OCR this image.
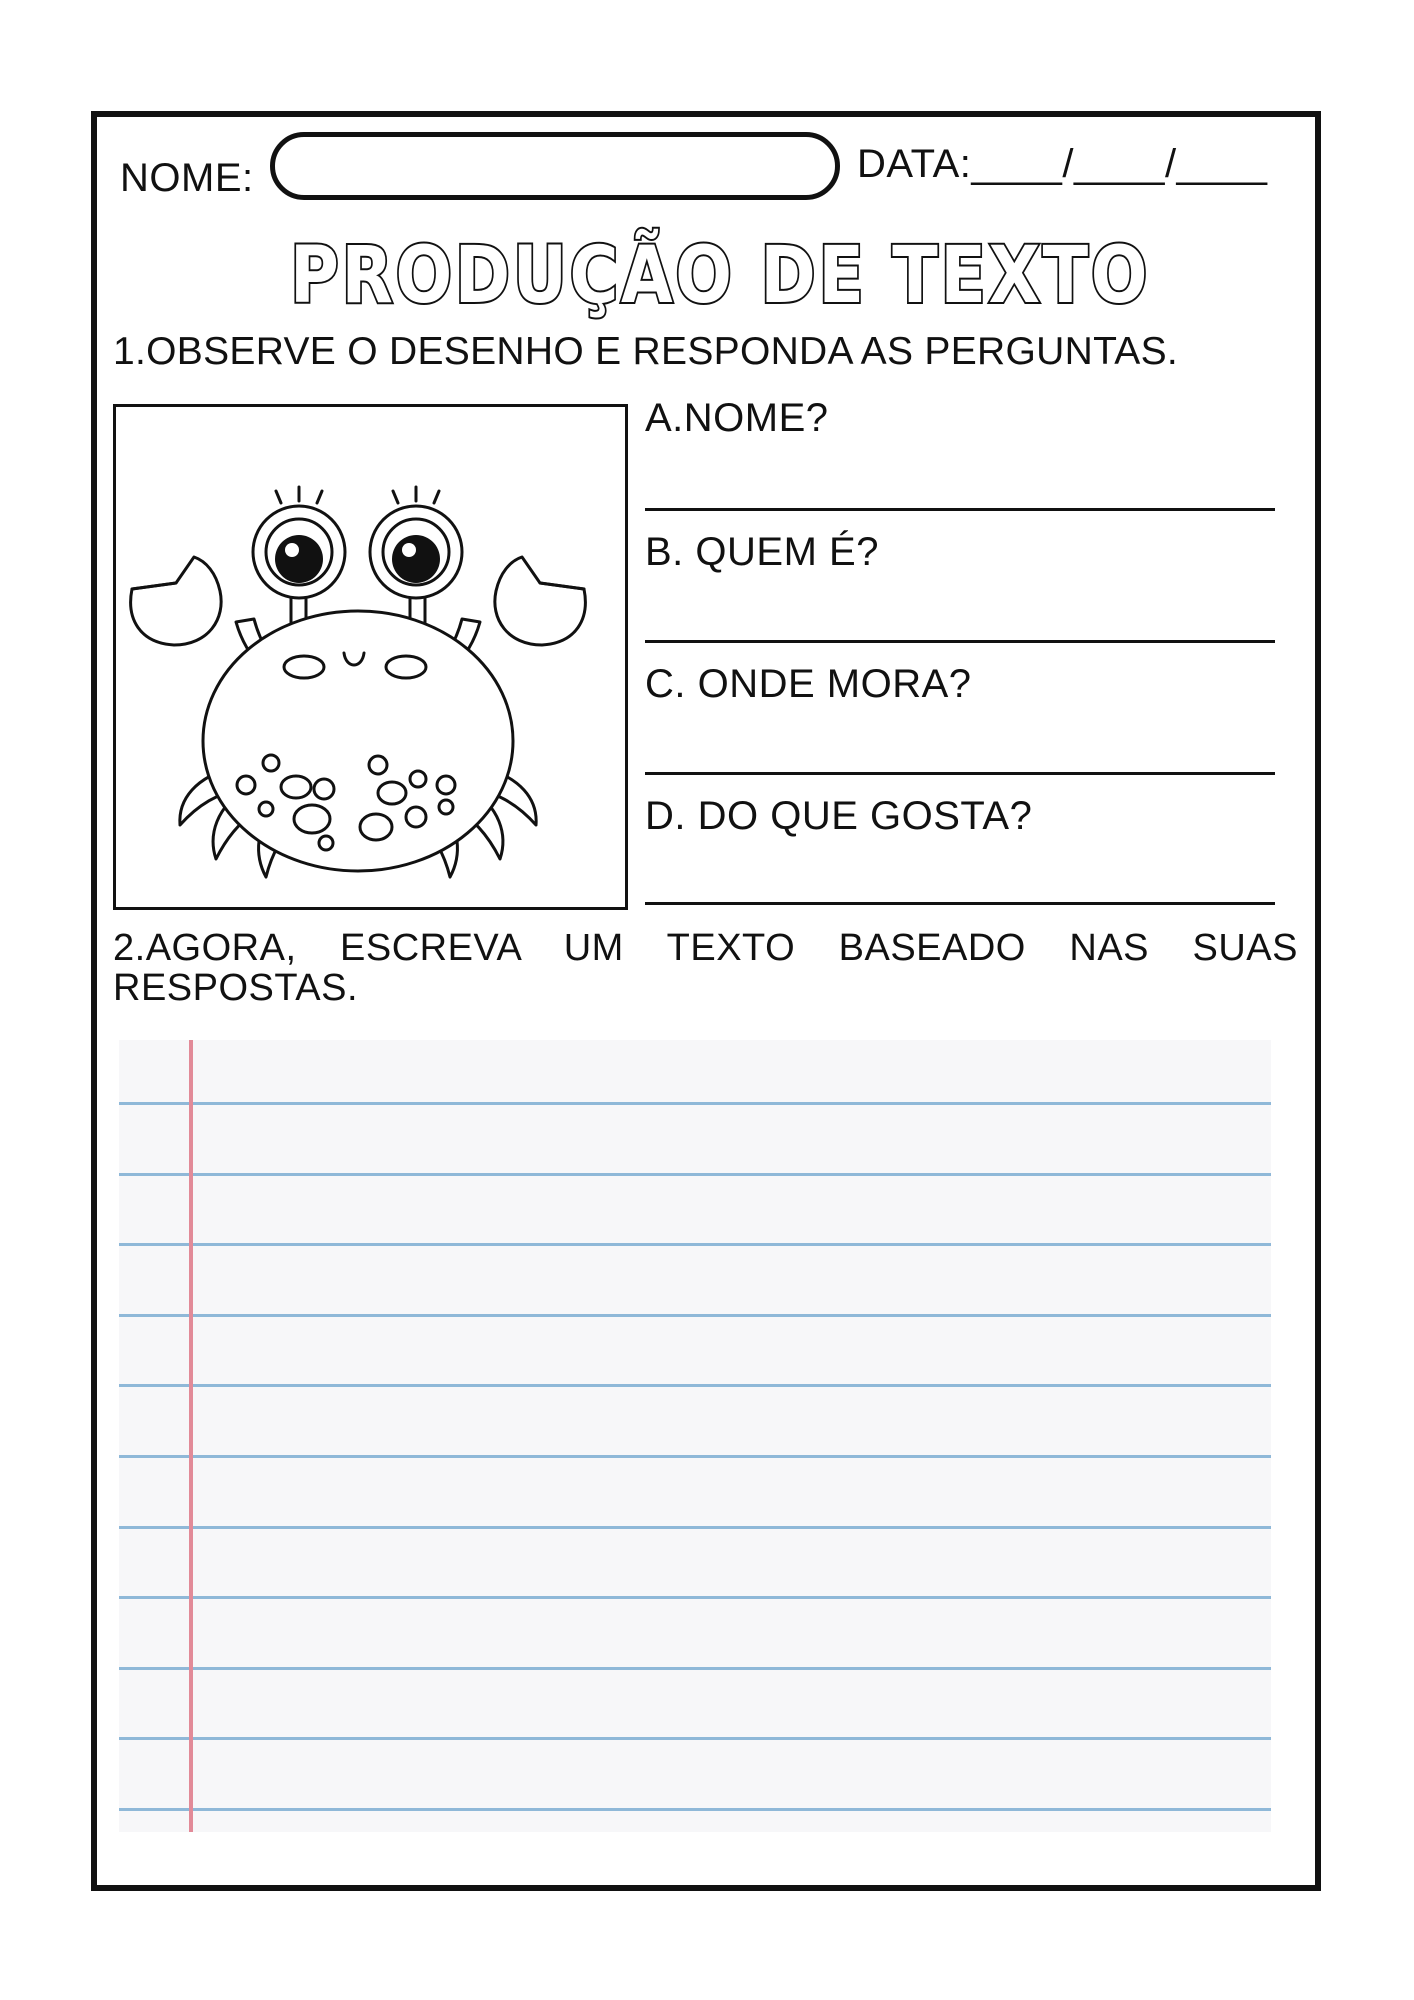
NOME:	DATA:____/____/____
PRODUÇÃO DE TEXTO
1.OBSERVE O DESENHO E RESPONDA AS PERGUNTAS.
A.NOME?
B. QUEM É?
C. ONDE MORA?
D. DO QUE GOSTA?
2.AGORA, ESCREVA UM TEXTO BASEADO NAS SUAS
RESPOSTAS.
